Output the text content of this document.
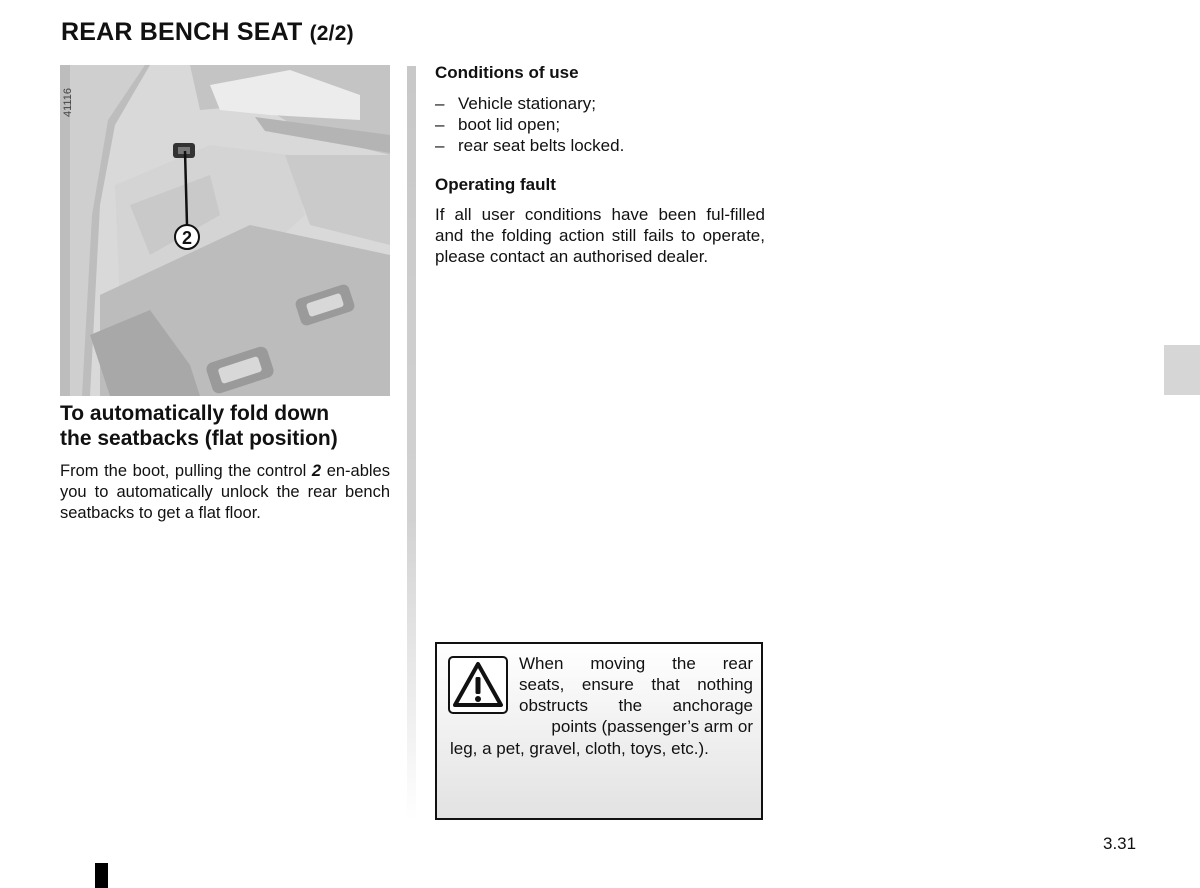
REAR BENCH SEAT (2/2)
2
41116
To automatically fold down
the seatbacks (flat position)
From the boot, pulling the control 2 en-ables you to automatically unlock the rear bench seatbacks to get a flat floor.
Conditions of use
– Vehicle stationary;
– boot lid open;
– rear seat belts locked.
Operating fault
If all user conditions have been ful-filled and the folding action still fails to operate, please contact an authorised dealer.
When moving the rear
seats, ensure that nothing
obstructs the anchorage
points (passenger’s arm or
leg, a pet, gravel, cloth, toys, etc.).
3.31
